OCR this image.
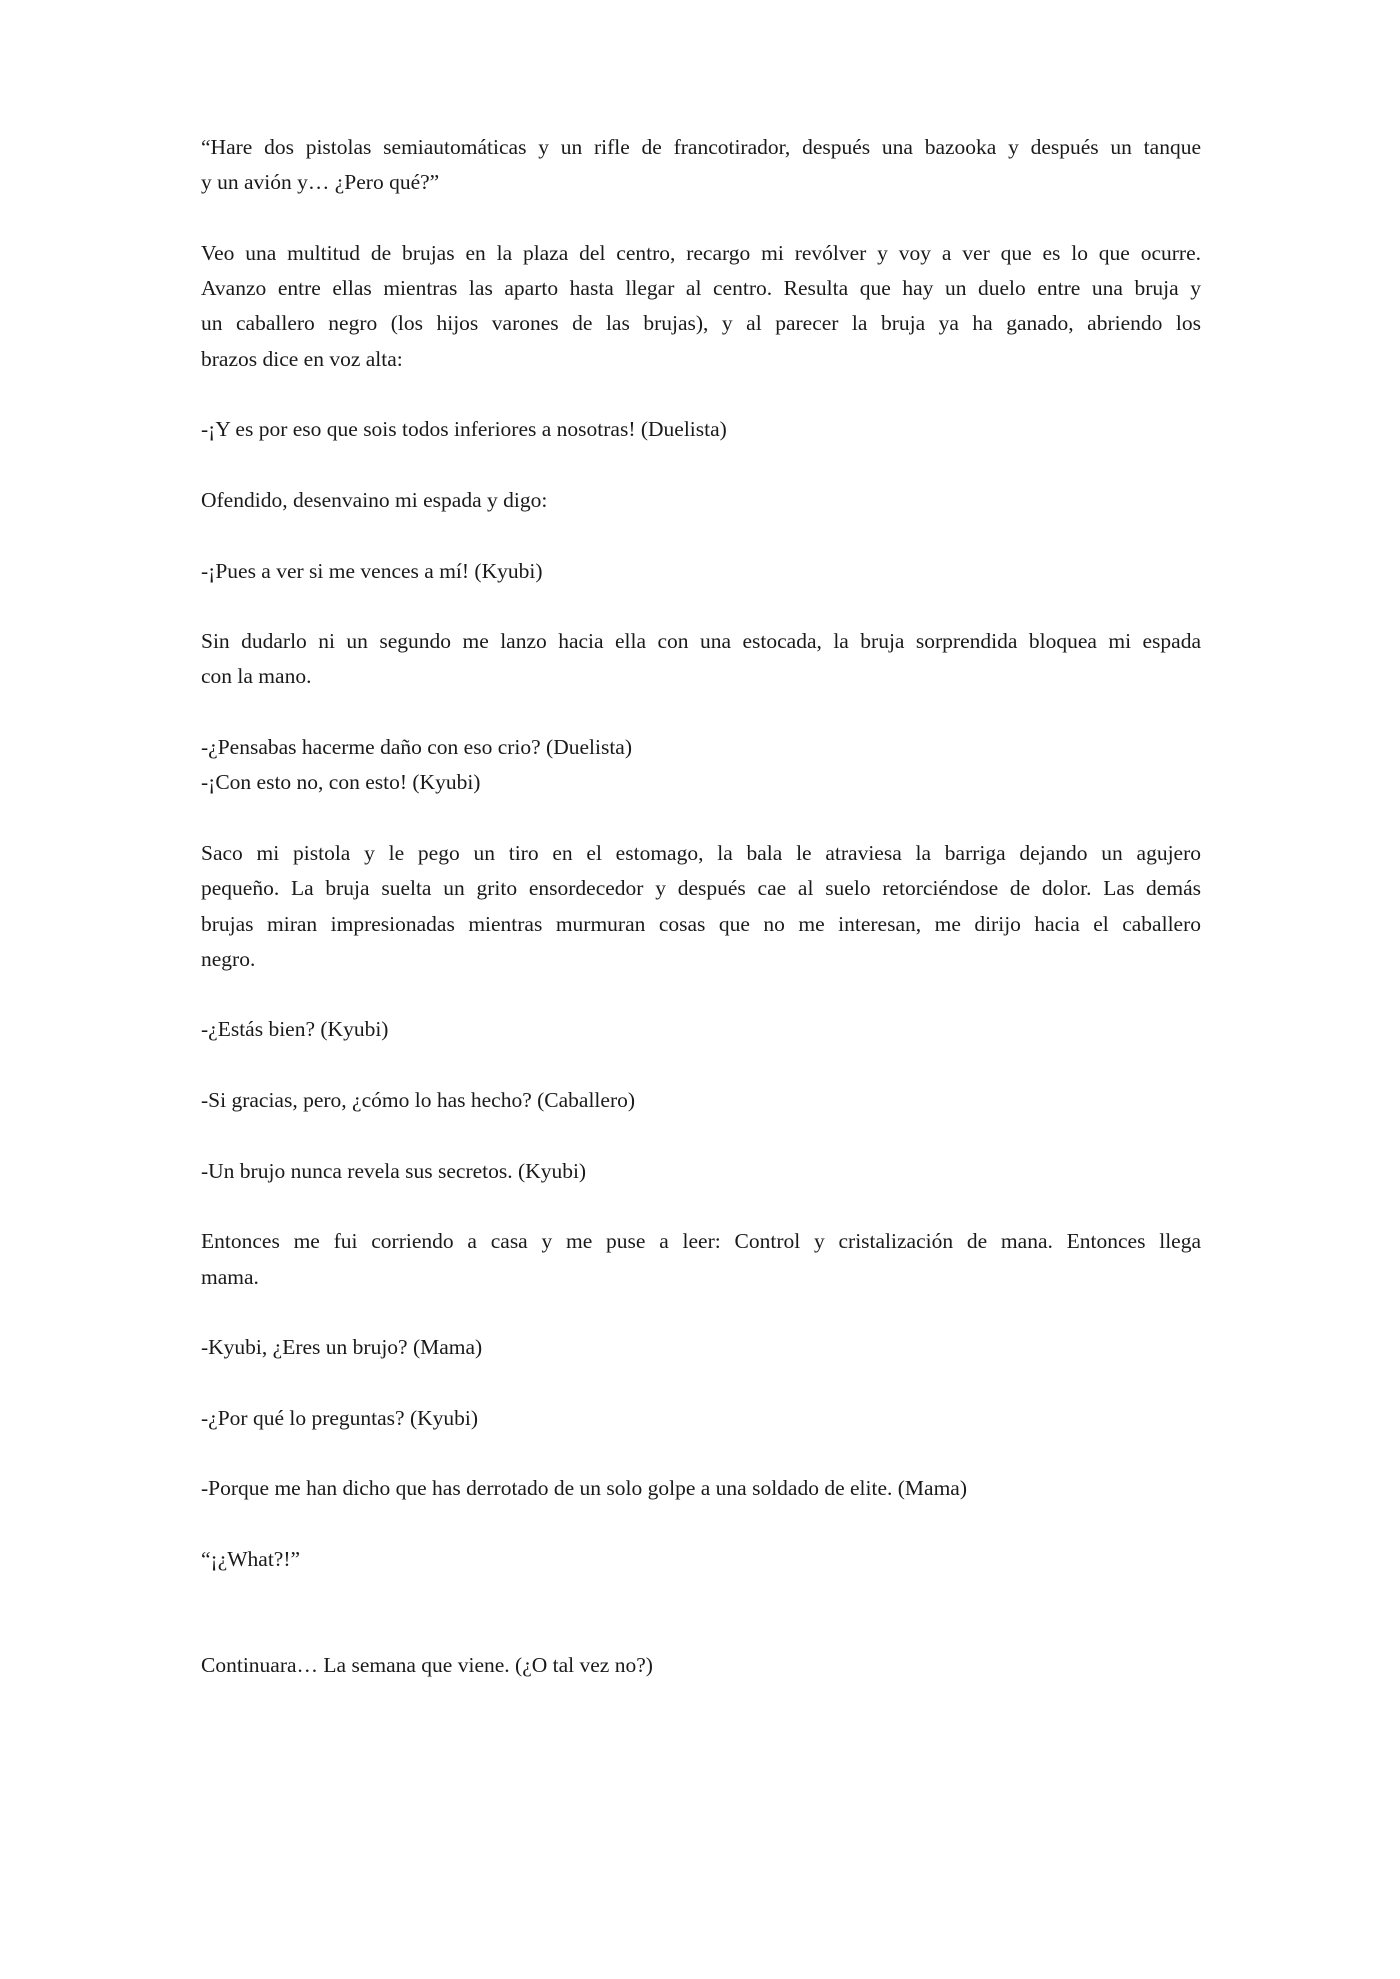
“Hare dos pistolas semiautomáticas y un rifle de francotirador, después una bazooka y después un tanque
y un avión y… ¿Pero qué?”

Veo una multitud de brujas en la plaza del centro, recargo mi revólver y voy a ver que es lo que ocurre.
Avanzo entre ellas mientras las aparto hasta llegar al centro. Resulta que hay un duelo entre una bruja y
un caballero negro (los hijos varones de las brujas), y al parecer la bruja ya ha ganado, abriendo los
brazos dice en voz alta:

-¡Y es por eso que sois todos inferiores a nosotras! (Duelista)

Ofendido, desenvaino mi espada y digo:

-¡Pues a ver si me vences a mí! (Kyubi)

Sin dudarlo ni un segundo me lanzo hacia ella con una estocada, la bruja sorprendida bloquea mi espada
con la mano.

-¿Pensabas hacerme daño con eso crio? (Duelista)

-¡Con esto no, con esto! (Kyubi)

Saco mi pistola y le pego un tiro en el estomago, la bala le atraviesa la barriga dejando un agujero
pequeño. La bruja suelta un grito ensordecedor y después cae al suelo retorciéndose de dolor. Las demás
brujas miran impresionadas mientras murmuran cosas que no me interesan, me dirijo hacia el caballero
negro.

-¿Estás bien? (Kyubi)

-Si gracias, pero, ¿cómo lo has hecho? (Caballero)

-Un brujo nunca revela sus secretos. (Kyubi)

Entonces me fui corriendo a casa y me puse a leer: Control y cristalización de mana. Entonces llega
mama.

-Kyubi, ¿Eres un brujo? (Mama)

-¿Por qué lo preguntas? (Kyubi)

-Porque me han dicho que has derrotado de un solo golpe a una soldado de elite. (Mama)

“¡¿What?!”

Continuara… La semana que viene. (¿O tal vez no?)
